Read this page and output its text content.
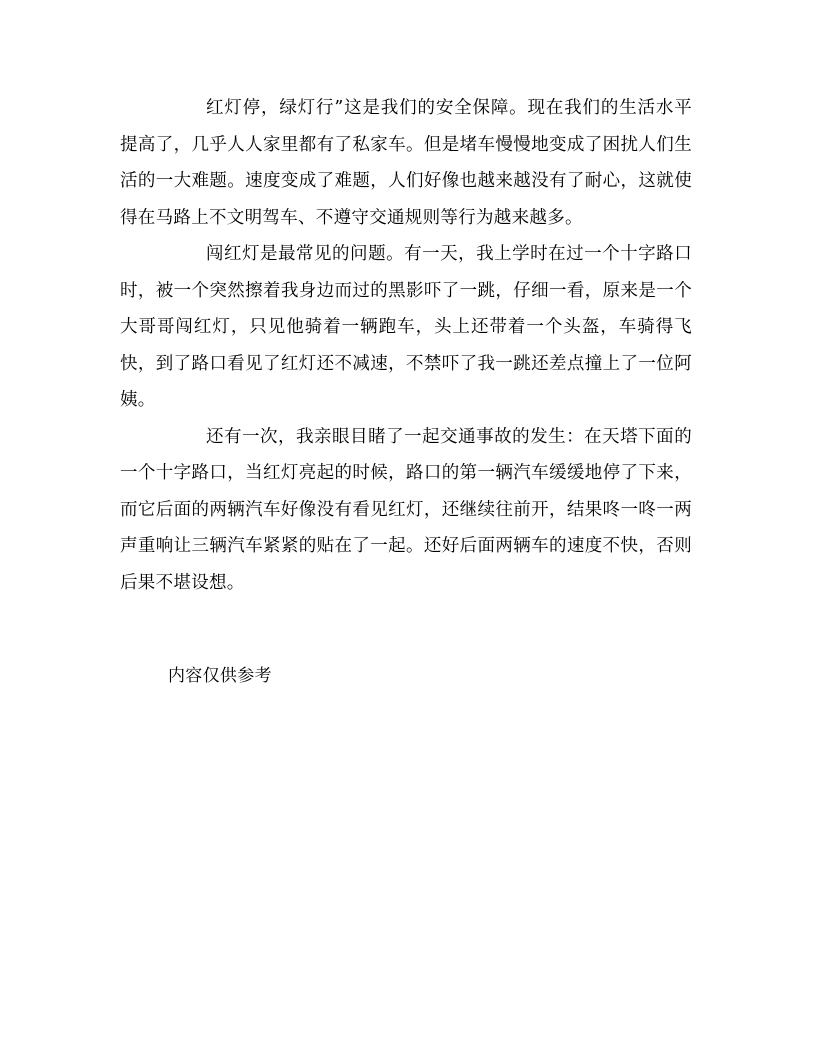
红灯停，绿灯行”这是我们的安全保障。现在我们的生活水平提高了，几乎人人家里都有了私家车。但是堵车慢慢地变成了困扰人们生活的一大难题。速度变成了难题，人们好像也越来越没有了耐心，这就使得在马路上不文明驾车、不遵守交通规则等行为越来越多。

闯红灯是最常见的问题。有一天，我上学时在过一个十字路口时，被一个突然擦着我身边而过的黑影吓了一跳，仔细一看，原来是一个大哥哥闯红灯，只见他骑着一辆跑车，头上还带着一个头盔，车骑得飞快，到了路口看见了红灯还不减速，不禁吓了我一跳还差点撞上了一位阿姨。

还有一次，我亲眼目睹了一起交通事故的发生：在天塔下面的一个十字路口，当红灯亮起的时候，路口的第一辆汽车缓缓地停了下来，而它后面的两辆汽车好像没有看见红灯，还继续往前开，结果咚一咚一两声重响让三辆汽车紧紧的贴在了一起。还好后面两辆车的速度不快，否则后果不堪设想。

内容仅供参考
